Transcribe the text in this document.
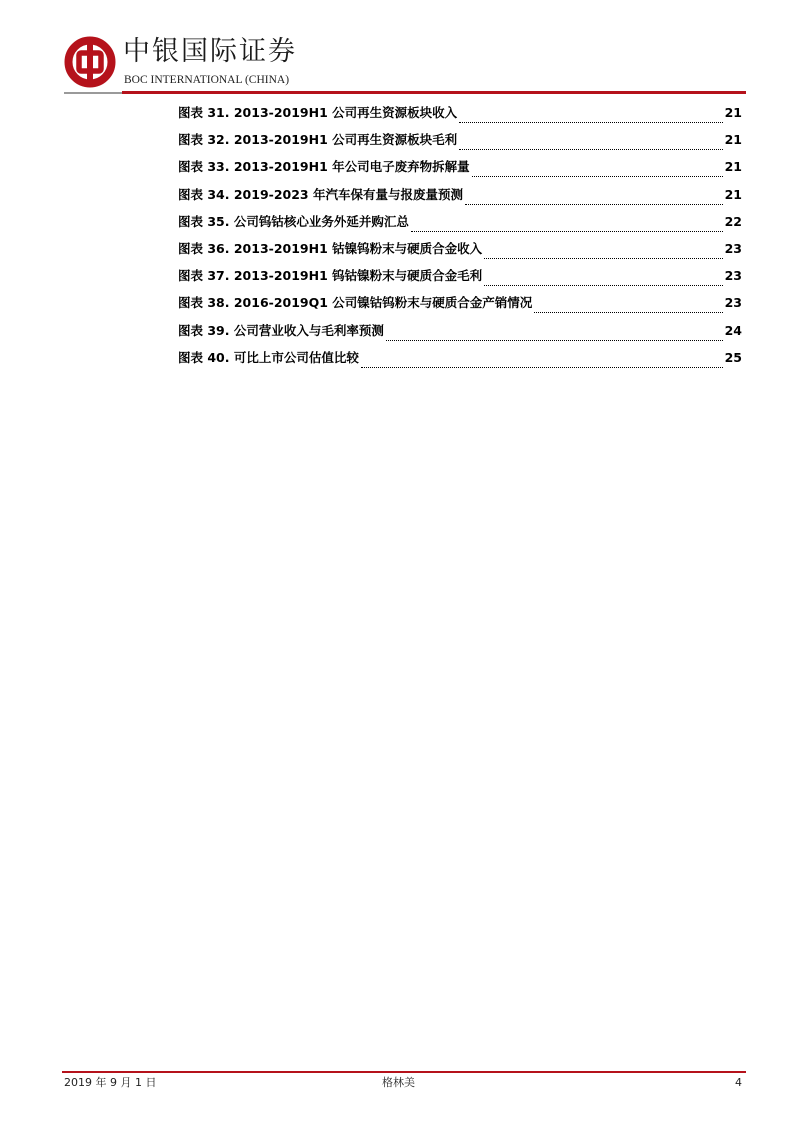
中银国际证券
BOC INTERNATIONAL (CHINA)
图表 31. 2013-2019H1 公司再生资源板块收入	21
图表 32. 2013-2019H1 公司再生资源板块毛利	21
图表 33. 2013-2019H1 年公司电子废弃物拆解量	21
图表 34. 2019-2023 年汽车保有量与报废量预测	21
图表 35. 公司钨钴核心业务外延并购汇总	22
图表 36. 2013-2019H1 钴镍钨粉末与硬质合金收入	23
图表 37. 2013-2019H1 钨钴镍粉末与硬质合金毛利	23
图表 38. 2016-2019Q1 公司镍钴钨粉末与硬质合金产销情况	23
图表 39. 公司营业收入与毛利率预测	24
图表 40. 可比上市公司估值比较	25
2019 年 9 月 1 日	格林美	4
